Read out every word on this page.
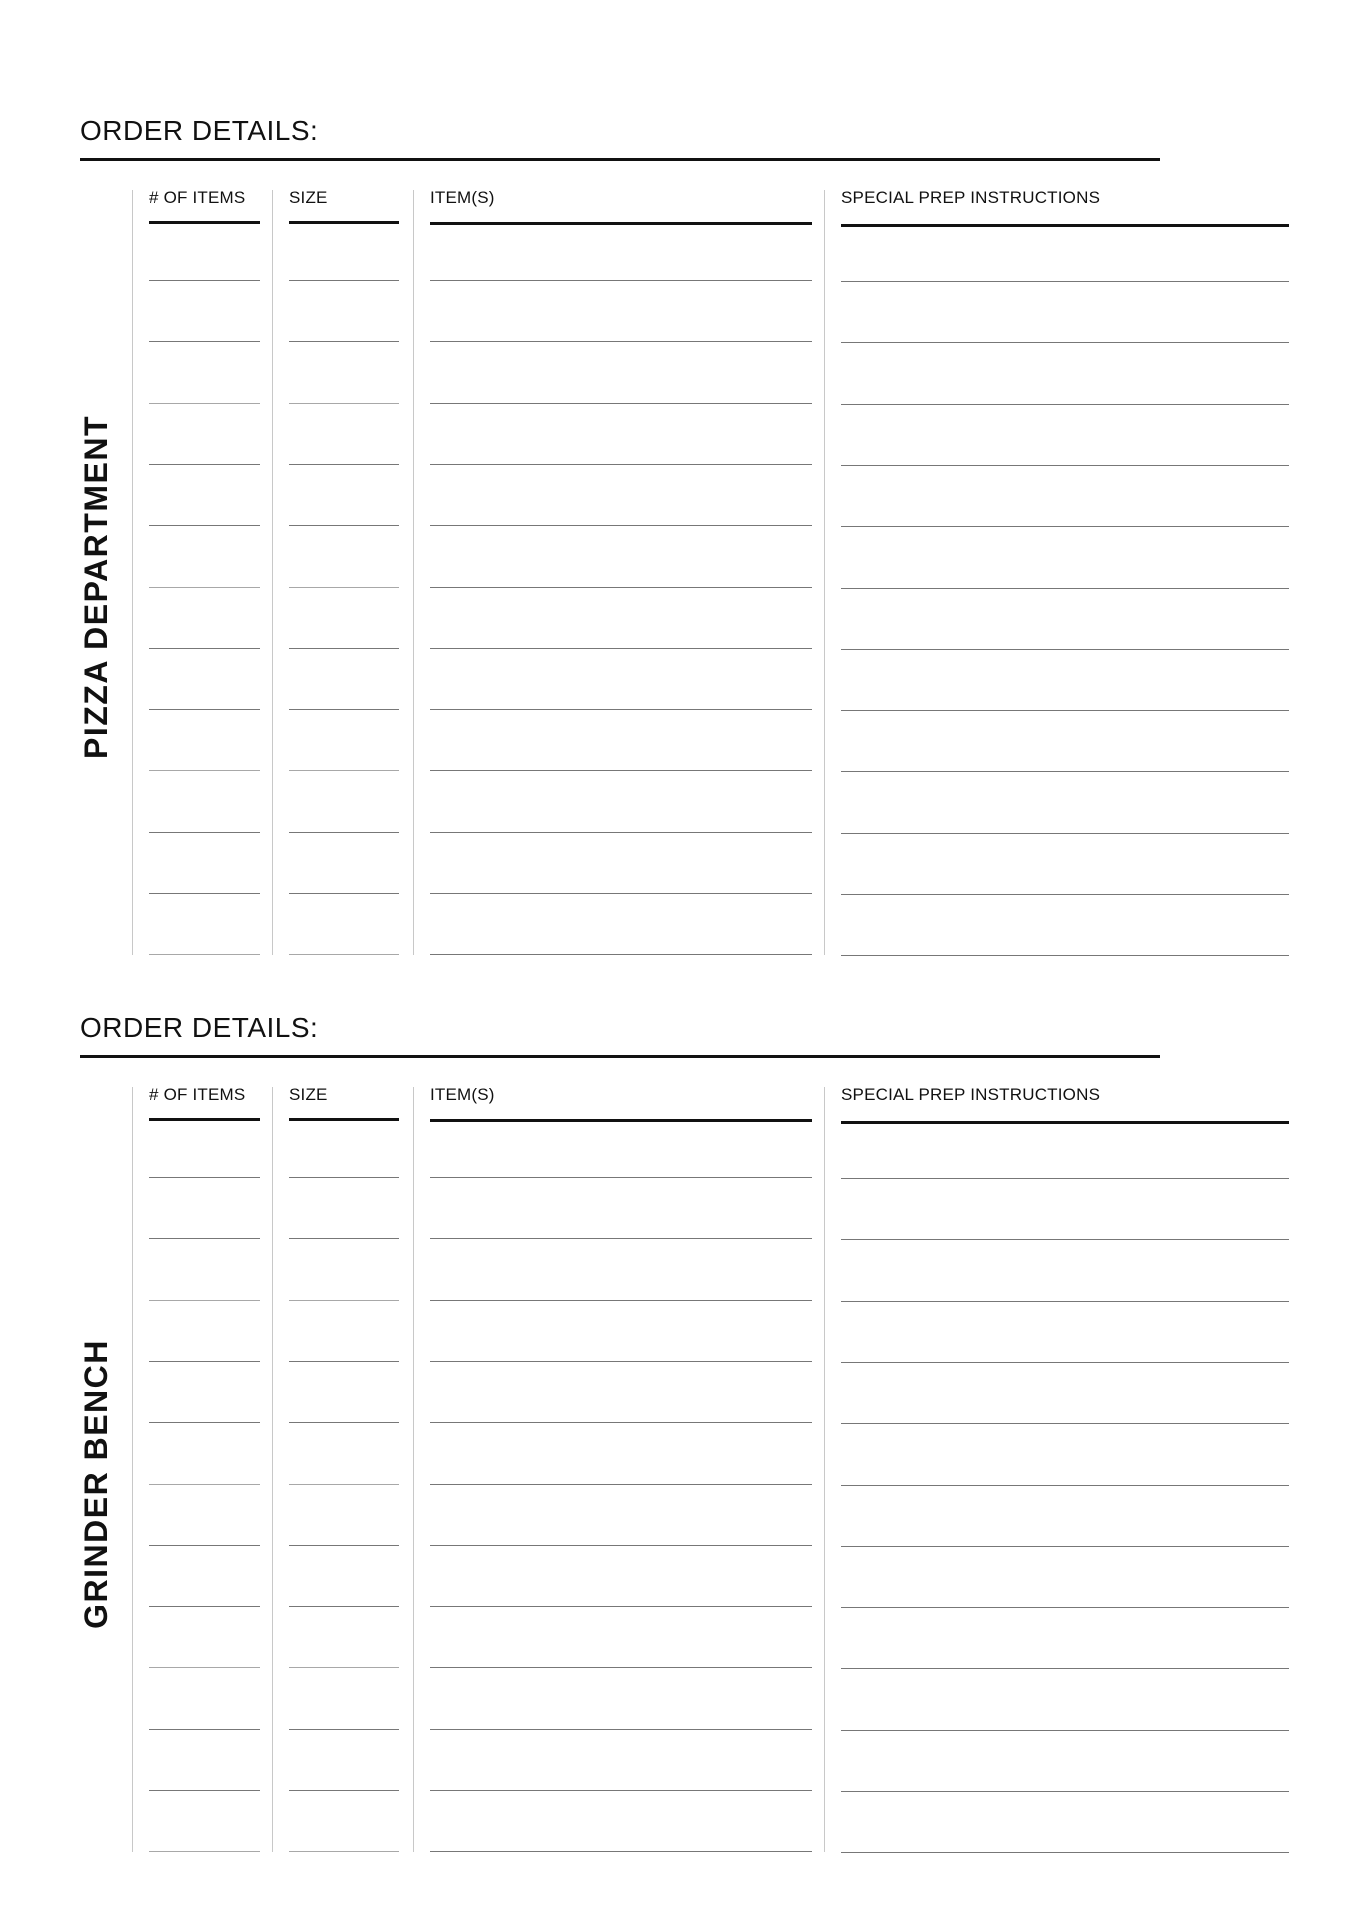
ORDER DETAILS:
PIZZA DEPARTMENT
# OF ITEMS	SIZE	ITEM(S)	SPECIAL PREP INSTRUCTIONS
ORDER DETAILS:
GRINDER BENCH
# OF ITEMS	SIZE	ITEM(S)	SPECIAL PREP INSTRUCTIONS
